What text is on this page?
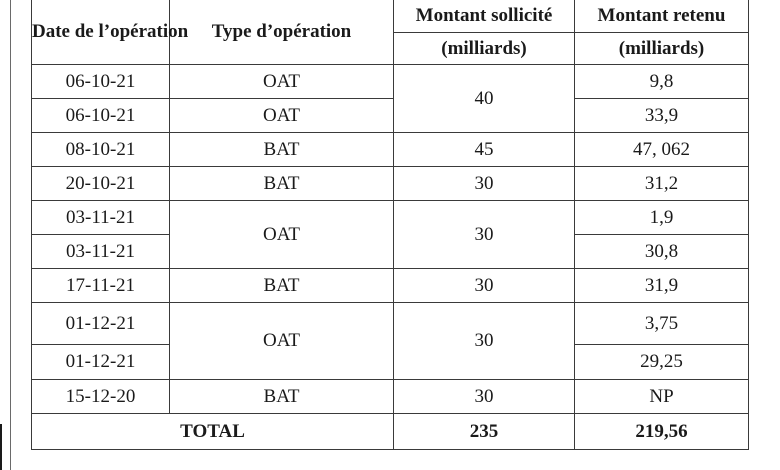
Date de l’opération	Type d’opération	Montant sollicité	Montant retenu
		(milliards)	(milliards)
06-10-21	OAT	40	9,8
06-10-21	OAT		33,9
08-10-21	BAT	45	47, 062
20-10-21	BAT	30	31,2
03-11-21	OAT	30	1,9
03-11-21			30,8
17-11-21	BAT	30	31,9
01-12-21	OAT	30	3,75
01-12-21			29,25
15-12-20	BAT	30	NP
TOTAL		235	219,56
